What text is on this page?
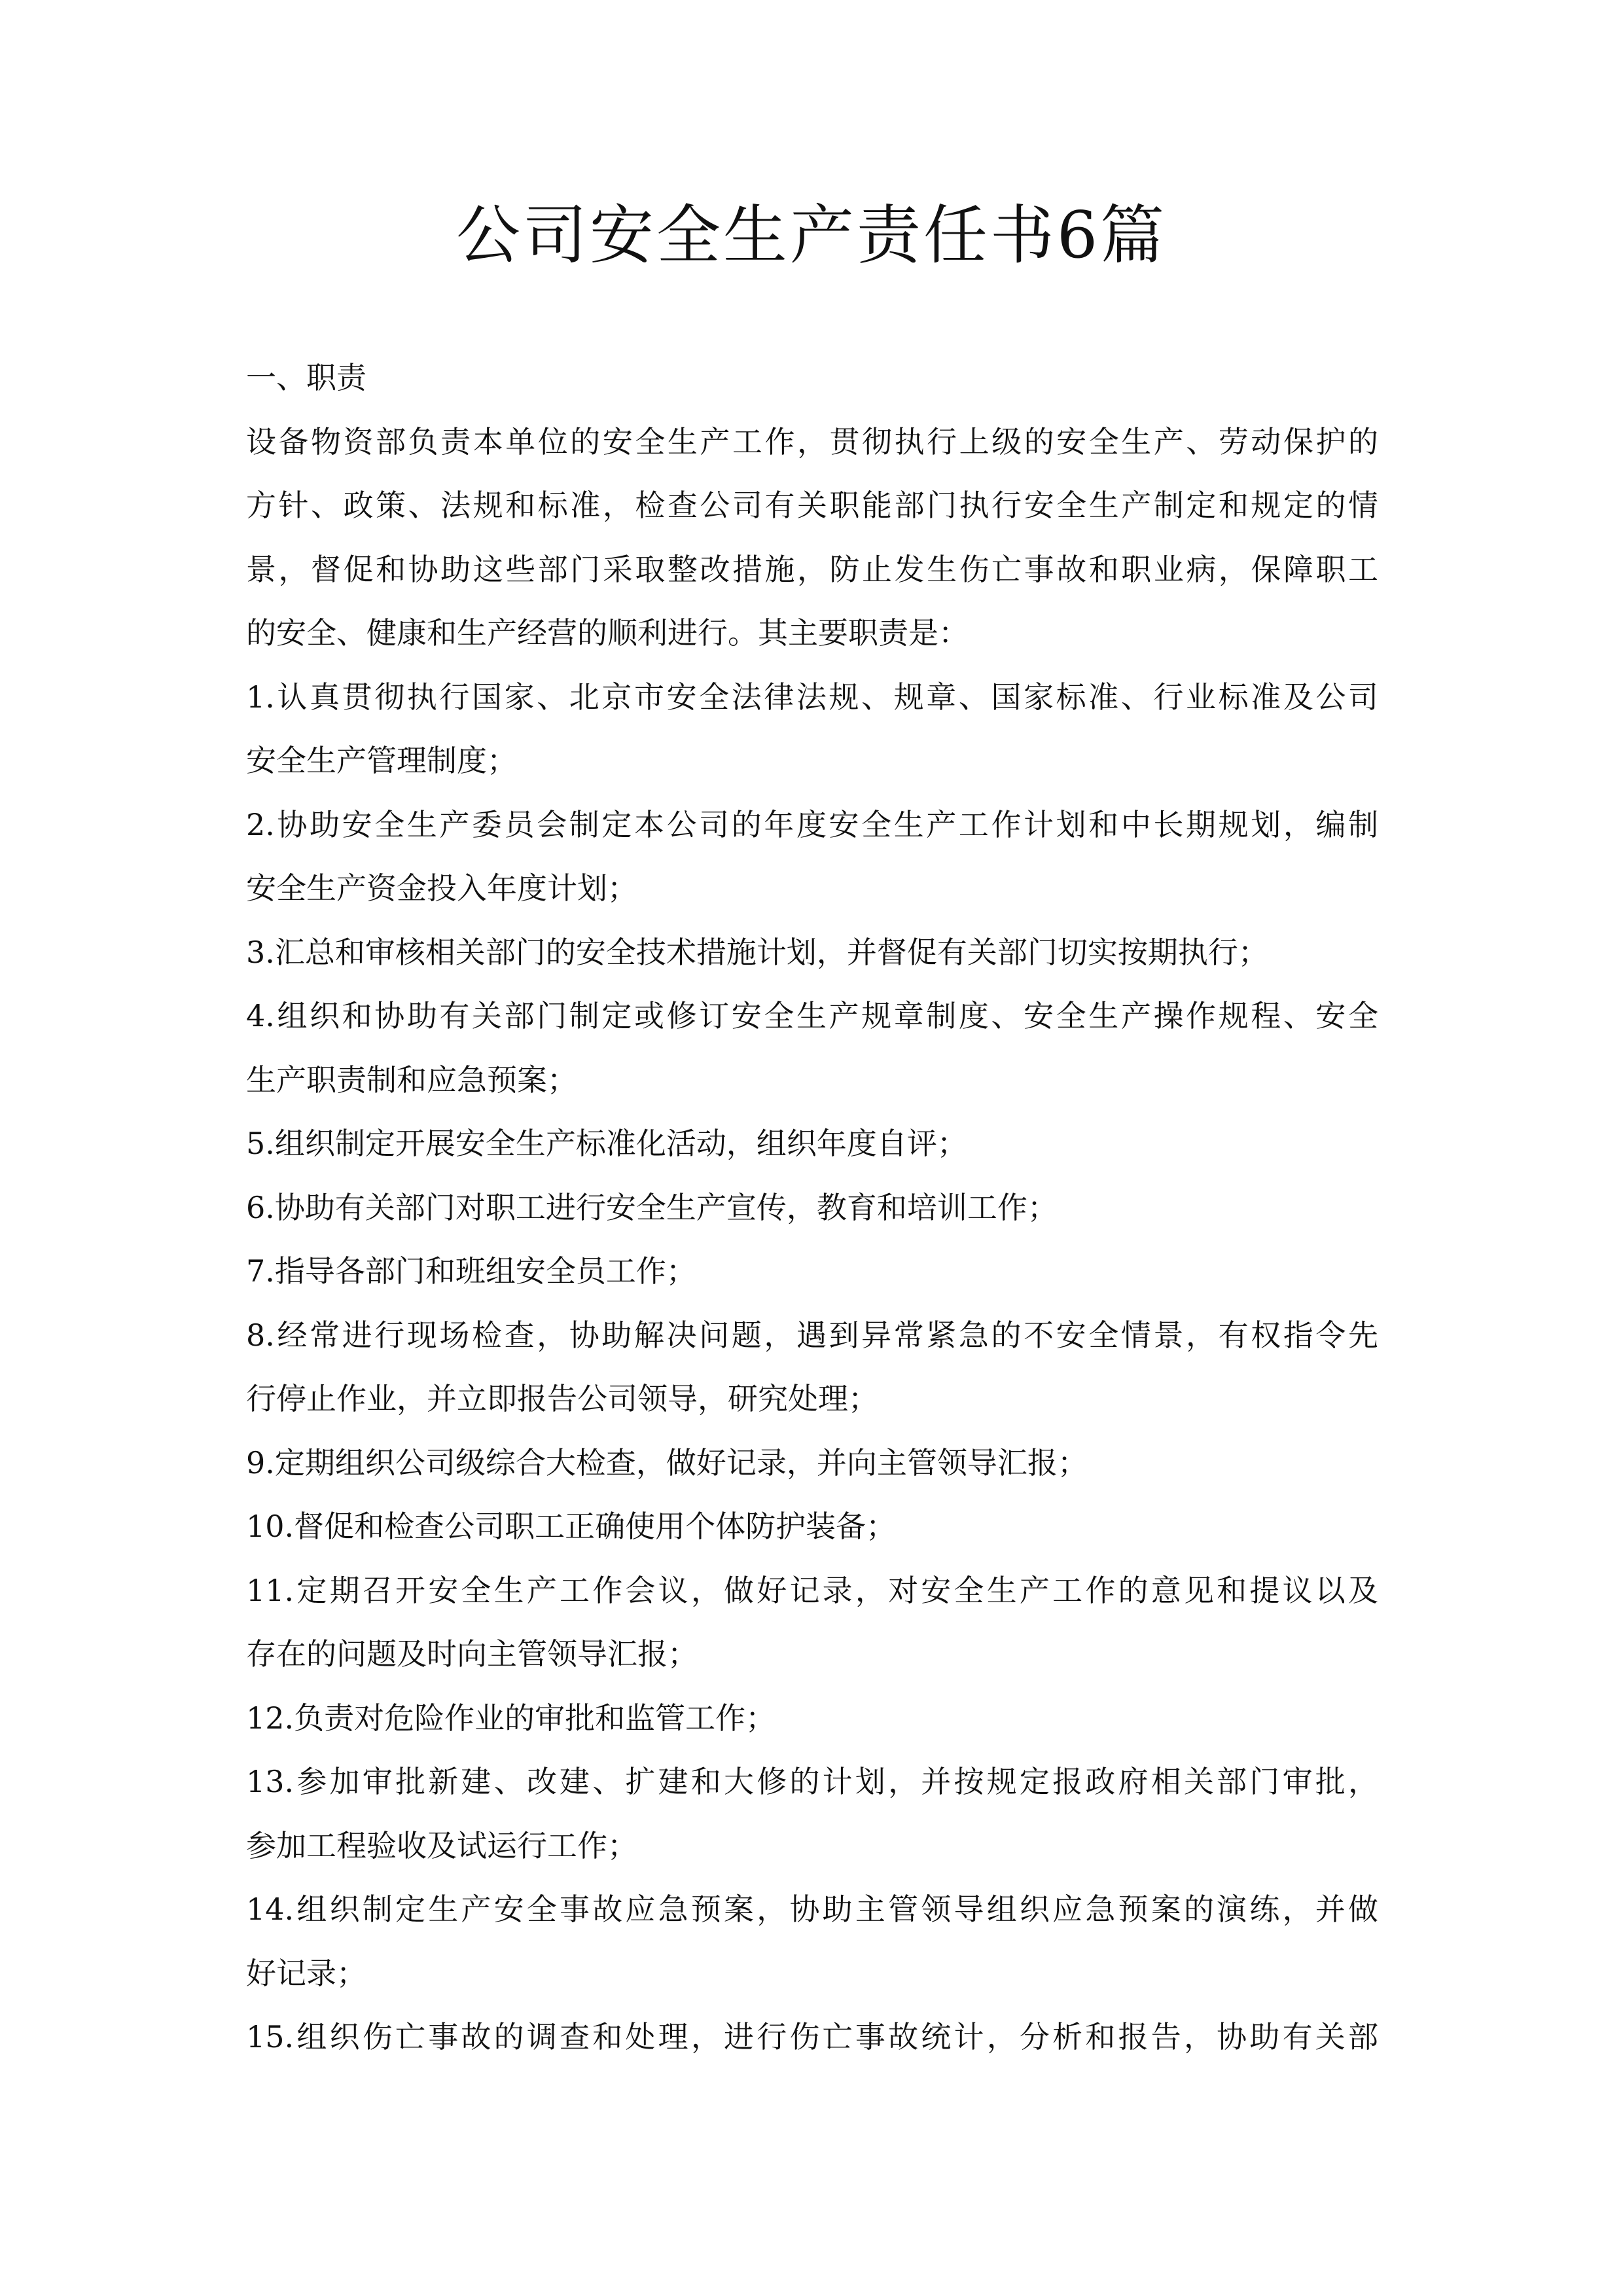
公司安全生产责任书6篇
一、职责
设备物资部负责本单位的安全生产工作，贯彻执行上级的安全生产、劳动保护的
方针、政策、法规和标准，检查公司有关职能部门执行安全生产制定和规定的情
景，督促和协助这些部门采取整改措施，防止发生伤亡事故和职业病，保障职工
的安全、健康和生产经营的顺利进行。其主要职责是：
1.认真贯彻执行国家、北京市安全法律法规、规章、国家标准、行业标准及公司
安全生产管理制度；
2.协助安全生产委员会制定本公司的年度安全生产工作计划和中长期规划，编制
安全生产资金投入年度计划；
3.汇总和审核相关部门的安全技术措施计划，并督促有关部门切实按期执行；
4.组织和协助有关部门制定或修订安全生产规章制度、安全生产操作规程、安全
生产职责制和应急预案；
5.组织制定开展安全生产标准化活动，组织年度自评；
6.协助有关部门对职工进行安全生产宣传，教育和培训工作；
7.指导各部门和班组安全员工作；
8.经常进行现场检查，协助解决问题，遇到异常紧急的不安全情景，有权指令先
行停止作业，并立即报告公司领导，研究处理；
9.定期组织公司级综合大检查，做好记录，并向主管领导汇报；
10.督促和检查公司职工正确使用个体防护装备；
11.定期召开安全生产工作会议，做好记录，对安全生产工作的意见和提议以及
存在的问题及时向主管领导汇报；
12.负责对危险作业的审批和监管工作；
13.参加审批新建、改建、扩建和大修的计划，并按规定报政府相关部门审批，
参加工程验收及试运行工作；
14.组织制定生产安全事故应急预案，协助主管领导组织应急预案的演练，并做
好记录；
15.组织伤亡事故的调查和处理，进行伤亡事故统计，分析和报告，协助有关部
